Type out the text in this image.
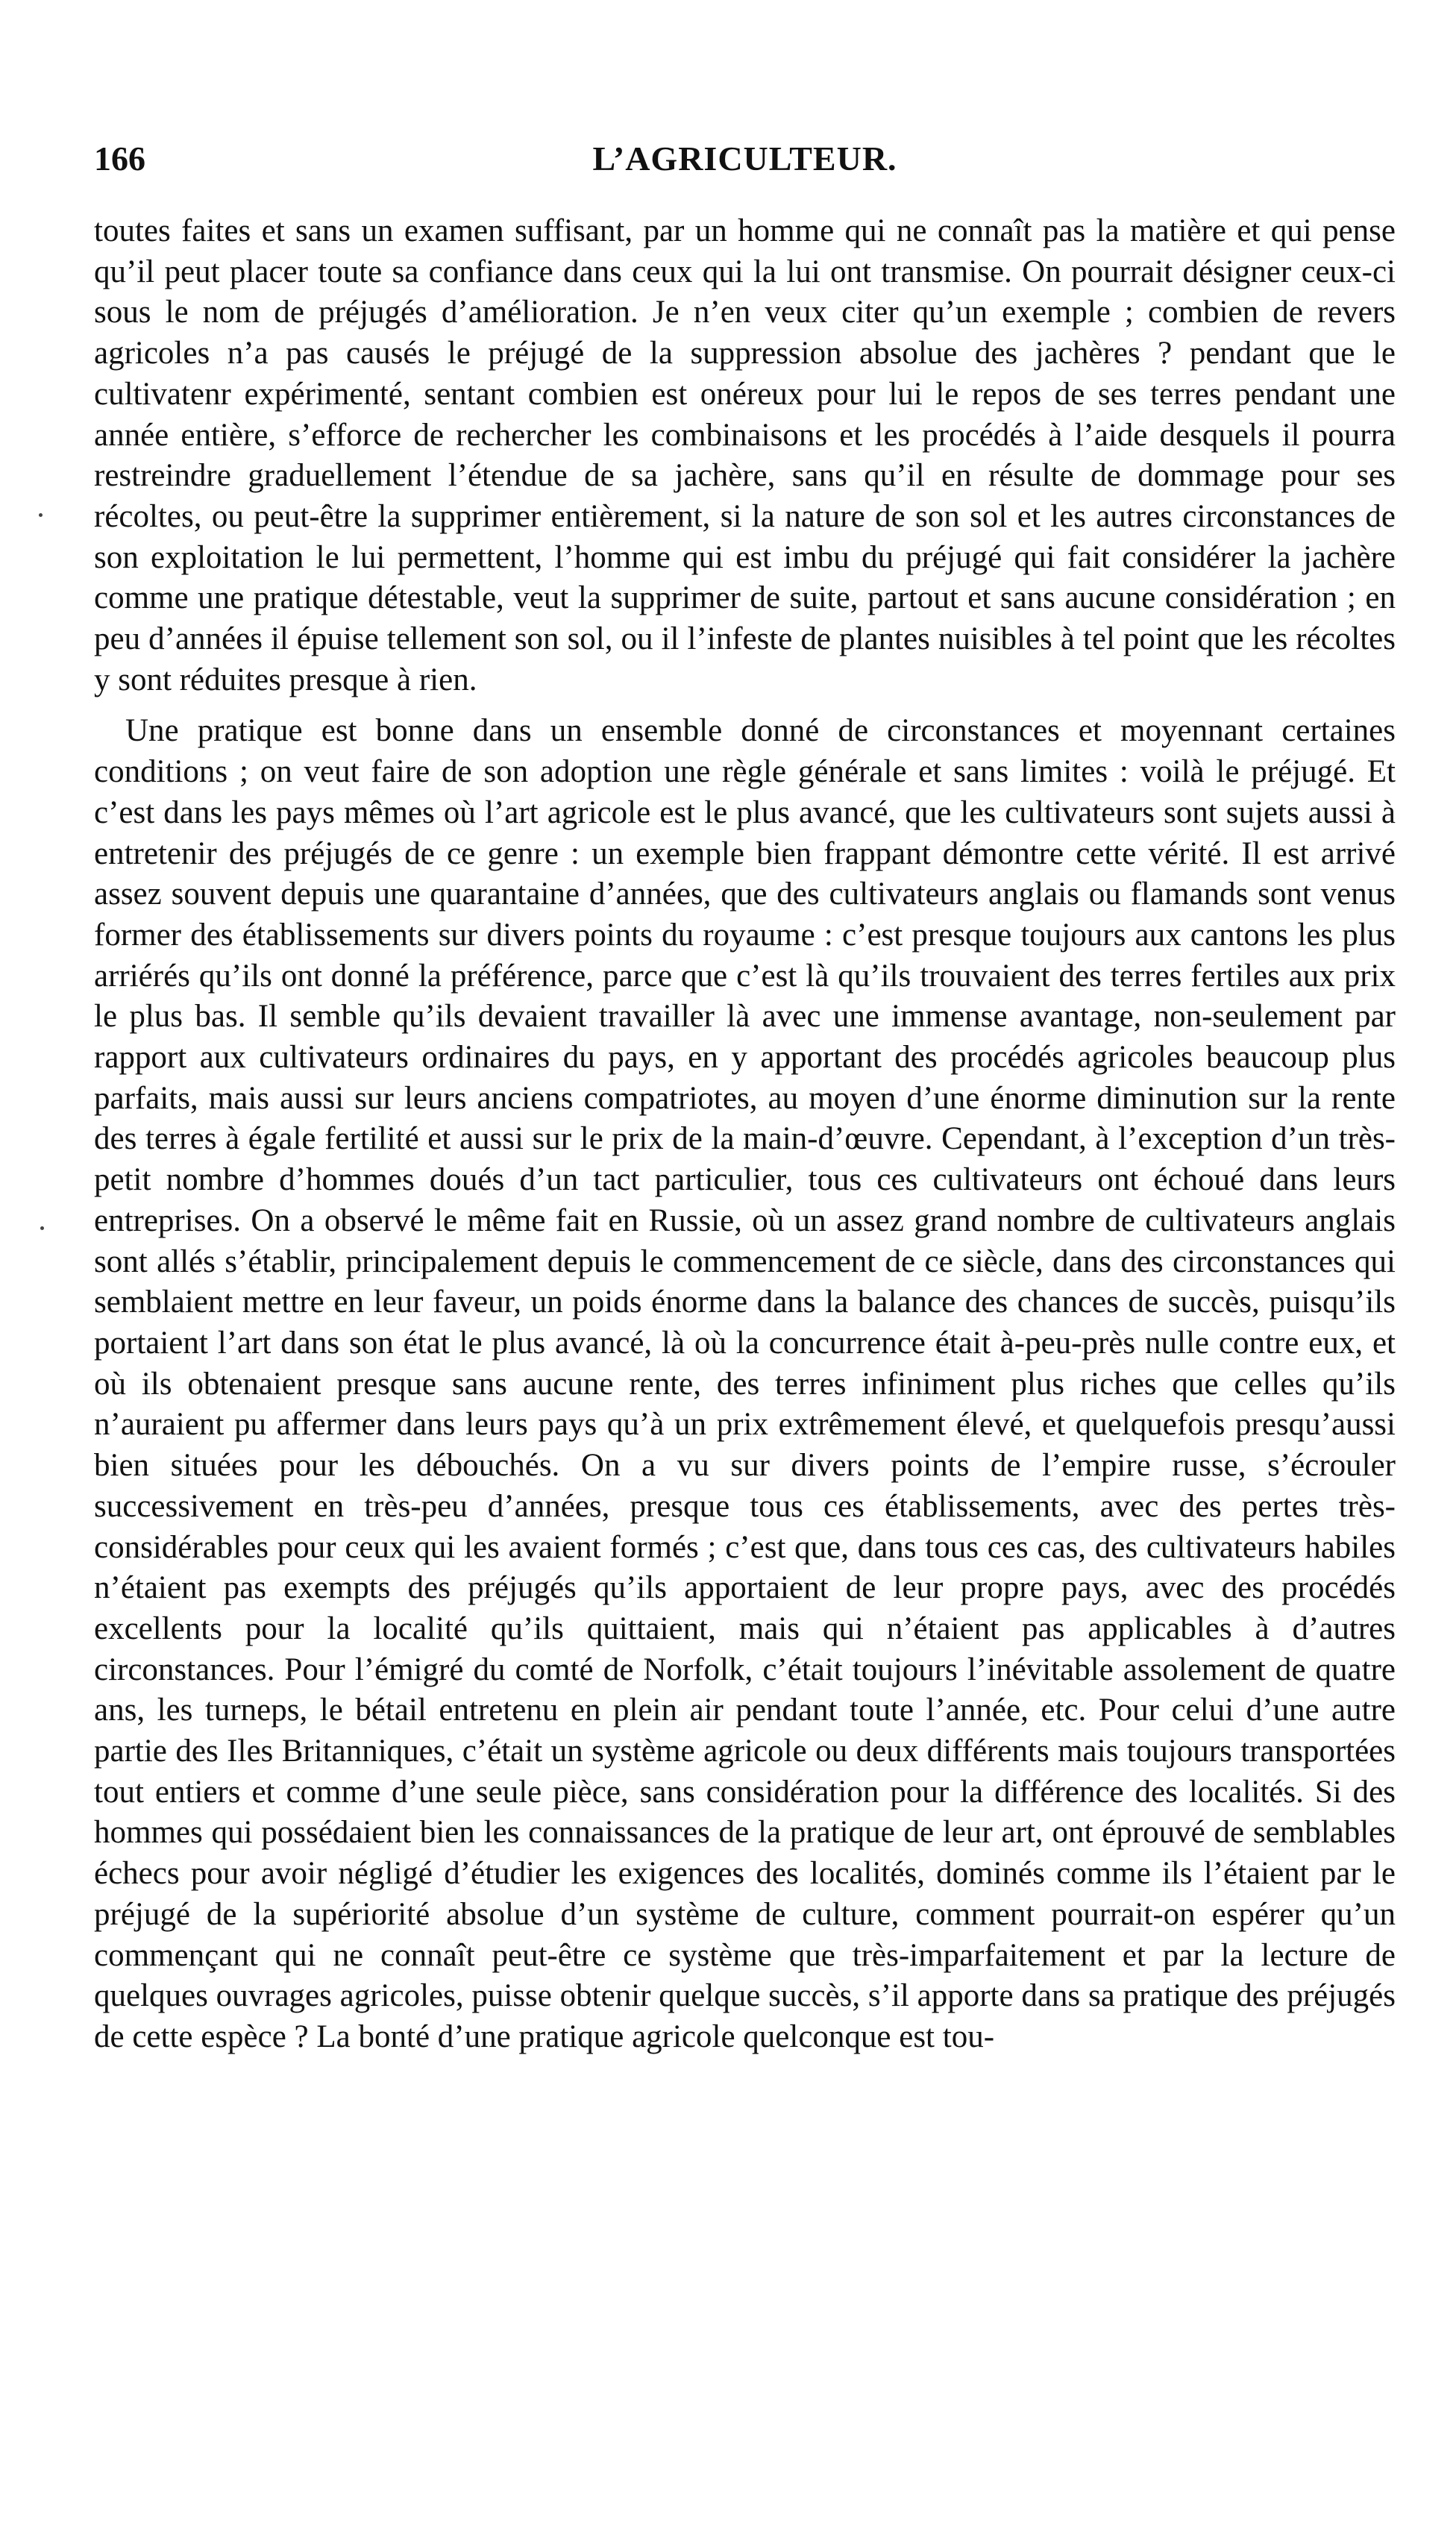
166	L’AGRICULTEUR.

toutes faites et sans un examen suffisant, par un homme qui ne connaît pas la matière et qui pense qu’il peut placer toute sa confiance dans ceux qui la lui ont transmise. On pourrait désigner ceux-ci sous le nom de préjugés d’amélioration. Je n’en veux citer qu’un exemple ; combien de revers agricoles n’a pas causés le préjugé de la suppression absolue des jachères ? pendant que le cultivatenr expérimenté, sentant combien est onéreux pour lui le repos de ses terres pendant une année entière, s’efforce de rechercher les combinaisons et les procédés à l’aide desquels il pourra restreindre graduellement l’étendue de sa jachère, sans qu’il en résulte de dommage pour ses récoltes, ou peut-être la supprimer entièrement, si la nature de son sol et les autres circonstances de son exploitation le lui permettent, l’homme qui est imbu du préjugé qui fait considérer la jachère comme une pratique détestable, veut la supprimer de suite, partout et sans aucune considération ; en peu d’années il épuise tellement son sol, ou il l’infeste de plantes nuisibles à tel point que les récoltes y sont réduites presque à rien.

Une pratique est bonne dans un ensemble donné de circonstances et moyennant certaines conditions ; on veut faire de son adoption une règle générale et sans limites : voilà le préjugé. Et c’est dans les pays mêmes où l’art agricole est le plus avancé, que les cultivateurs sont sujets aussi à entretenir des préjugés de ce genre : un exemple bien frappant démontre cette vérité. Il est arrivé assez souvent depuis une quarantaine d’années, que des cultivateurs anglais ou flamands sont venus former des établissements sur divers points du royaume : c’est presque toujours aux cantons les plus arriérés qu’ils ont donné la préférence, parce que c’est là qu’ils trouvaient des terres fertiles aux prix le plus bas. Il semble qu’ils devaient travailler là avec une immense avantage, non-seulement par rapport aux cultivateurs ordinaires du pays, en y apportant des procédés agricoles beaucoup plus parfaits, mais aussi sur leurs anciens compatriotes, au moyen d’une énorme diminution sur la rente des terres à égale fertilité et aussi sur le prix de la main-d’œuvre. Cependant, à l’exception d’un très-petit nombre d’hommes doués d’un tact particulier, tous ces cultivateurs ont échoué dans leurs entreprises. On a observé le même fait en Russie, où un assez grand nombre de cultivateurs anglais sont allés s’établir, principalement depuis le commencement de ce siècle, dans des circonstances qui semblaient mettre en leur faveur, un poids énorme dans la balance des chances de succès, puisqu’ils portaient l’art dans son état le plus avancé, là où la concurrence était à-peu-près nulle contre eux, et où ils obtenaient presque sans aucune rente, des terres infiniment plus riches que celles qu’ils n’auraient pu affermer dans leurs pays qu’à un prix extrêmement élevé, et quelquefois presqu’aussi bien situées pour les débouchés. On a vu sur divers points de l’empire russe, s’écrouler successivement en très-peu d’années, presque tous ces établissements, avec des pertes très-considérables pour ceux qui les avaient formés ; c’est que, dans tous ces cas, des cultivateurs habiles n’étaient pas exempts des préjugés qu’ils apportaient de leur propre pays, avec des procédés excellents pour la localité qu’ils quittaient, mais qui n’étaient pas applicables à d’autres circonstances. Pour l’émigré du comté de Norfolk, c’était toujours l’inévitable assolement de quatre ans, les turneps, le bétail entretenu en plein air pendant toute l’année, etc. Pour celui d’une autre partie des Iles Britanniques, c’était un système agricole ou deux différents mais toujours transportées tout entiers et comme d’une seule pièce, sans considération pour la différence des localités. Si des hommes qui possédaient bien les connaissances de la pratique de leur art, ont éprouvé de semblables échecs pour avoir négligé d’étudier les exigences des localités, dominés comme ils l’étaient par le préjugé de la supériorité absolue d’un système de culture, comment pourrait-on espérer qu’un commençant qui ne connaît peut-être ce système que très-imparfaitement et par la lecture de quelques ouvrages agricoles, puisse obtenir quelque succès, s’il apporte dans sa pratique des préjugés de cette espèce ? La bonté d’une pratique agricole quelconque est tou-
